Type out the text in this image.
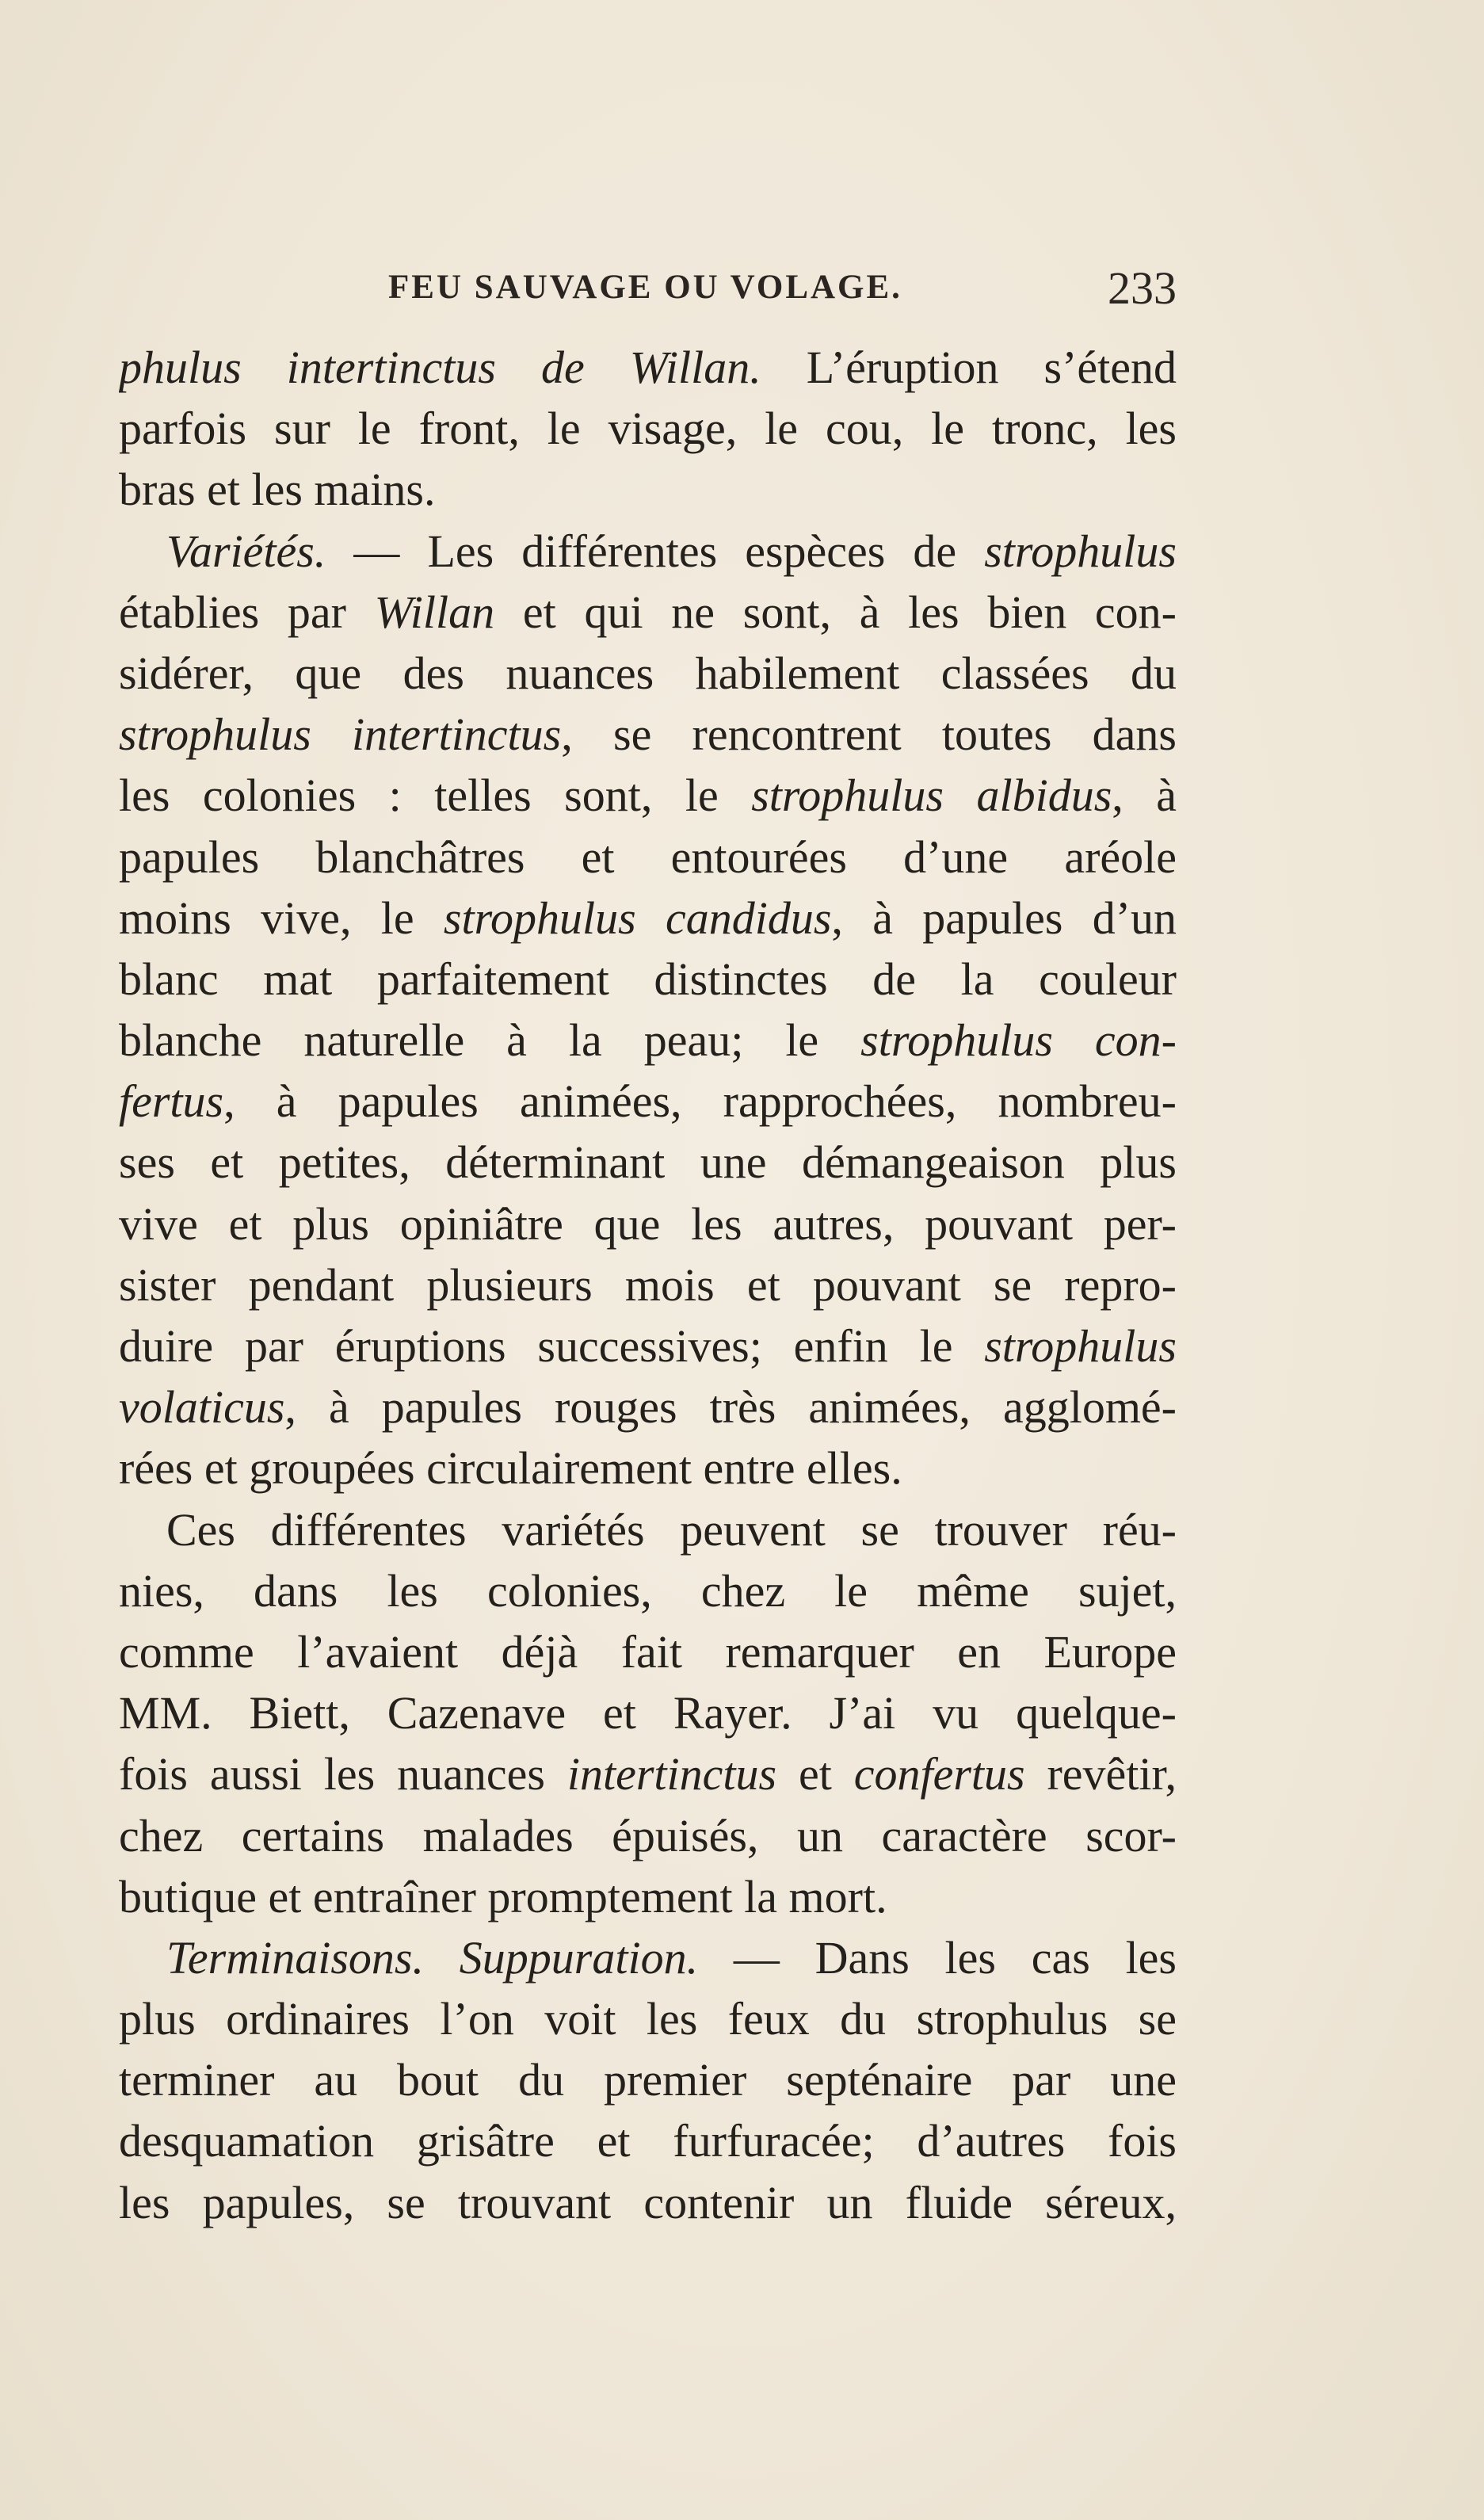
FEU SAUVAGE OU VOLAGE.	233
phulus intertinctus de Willan. L’éruption s’étend
parfois sur le front, le visage, le cou, le tronc, les
bras et les mains.
Variétés. — Les différentes espèces de strophulus
établies par Willan et qui ne sont, à les bien con-
sidérer, que des nuances habilement classées du
strophulus intertinctus, se rencontrent toutes dans
les colonies : telles sont, le strophulus albidus, à
papules blanchâtres et entourées d’une aréole
moins vive, le strophulus candidus, à papules d’un
blanc mat parfaitement distinctes de la couleur
blanche naturelle à la peau; le strophulus con-
fertus, à papules animées, rapprochées, nombreu-
ses et petites, déterminant une démangeaison plus
vive et plus opiniâtre que les autres, pouvant per-
sister pendant plusieurs mois et pouvant se repro-
duire par éruptions successives; enfin le strophulus
volaticus, à papules rouges très animées, agglomé-
rées et groupées circulairement entre elles.
Ces différentes variétés peuvent se trouver réu-
nies, dans les colonies, chez le même sujet,
comme l’avaient déjà fait remarquer en Europe
MM. Biett, Cazenave et Rayer. J’ai vu quelque-
fois aussi les nuances intertinctus et confertus revêtir,
chez certains malades épuisés, un caractère scor-
butique et entraîner promptement la mort.
Terminaisons. Suppuration. — Dans les cas les
plus ordinaires l’on voit les feux du strophulus se
terminer au bout du premier septénaire par une
desquamation grisâtre et furfuracée; d’autres fois
les papules, se trouvant contenir un fluide séreux,
